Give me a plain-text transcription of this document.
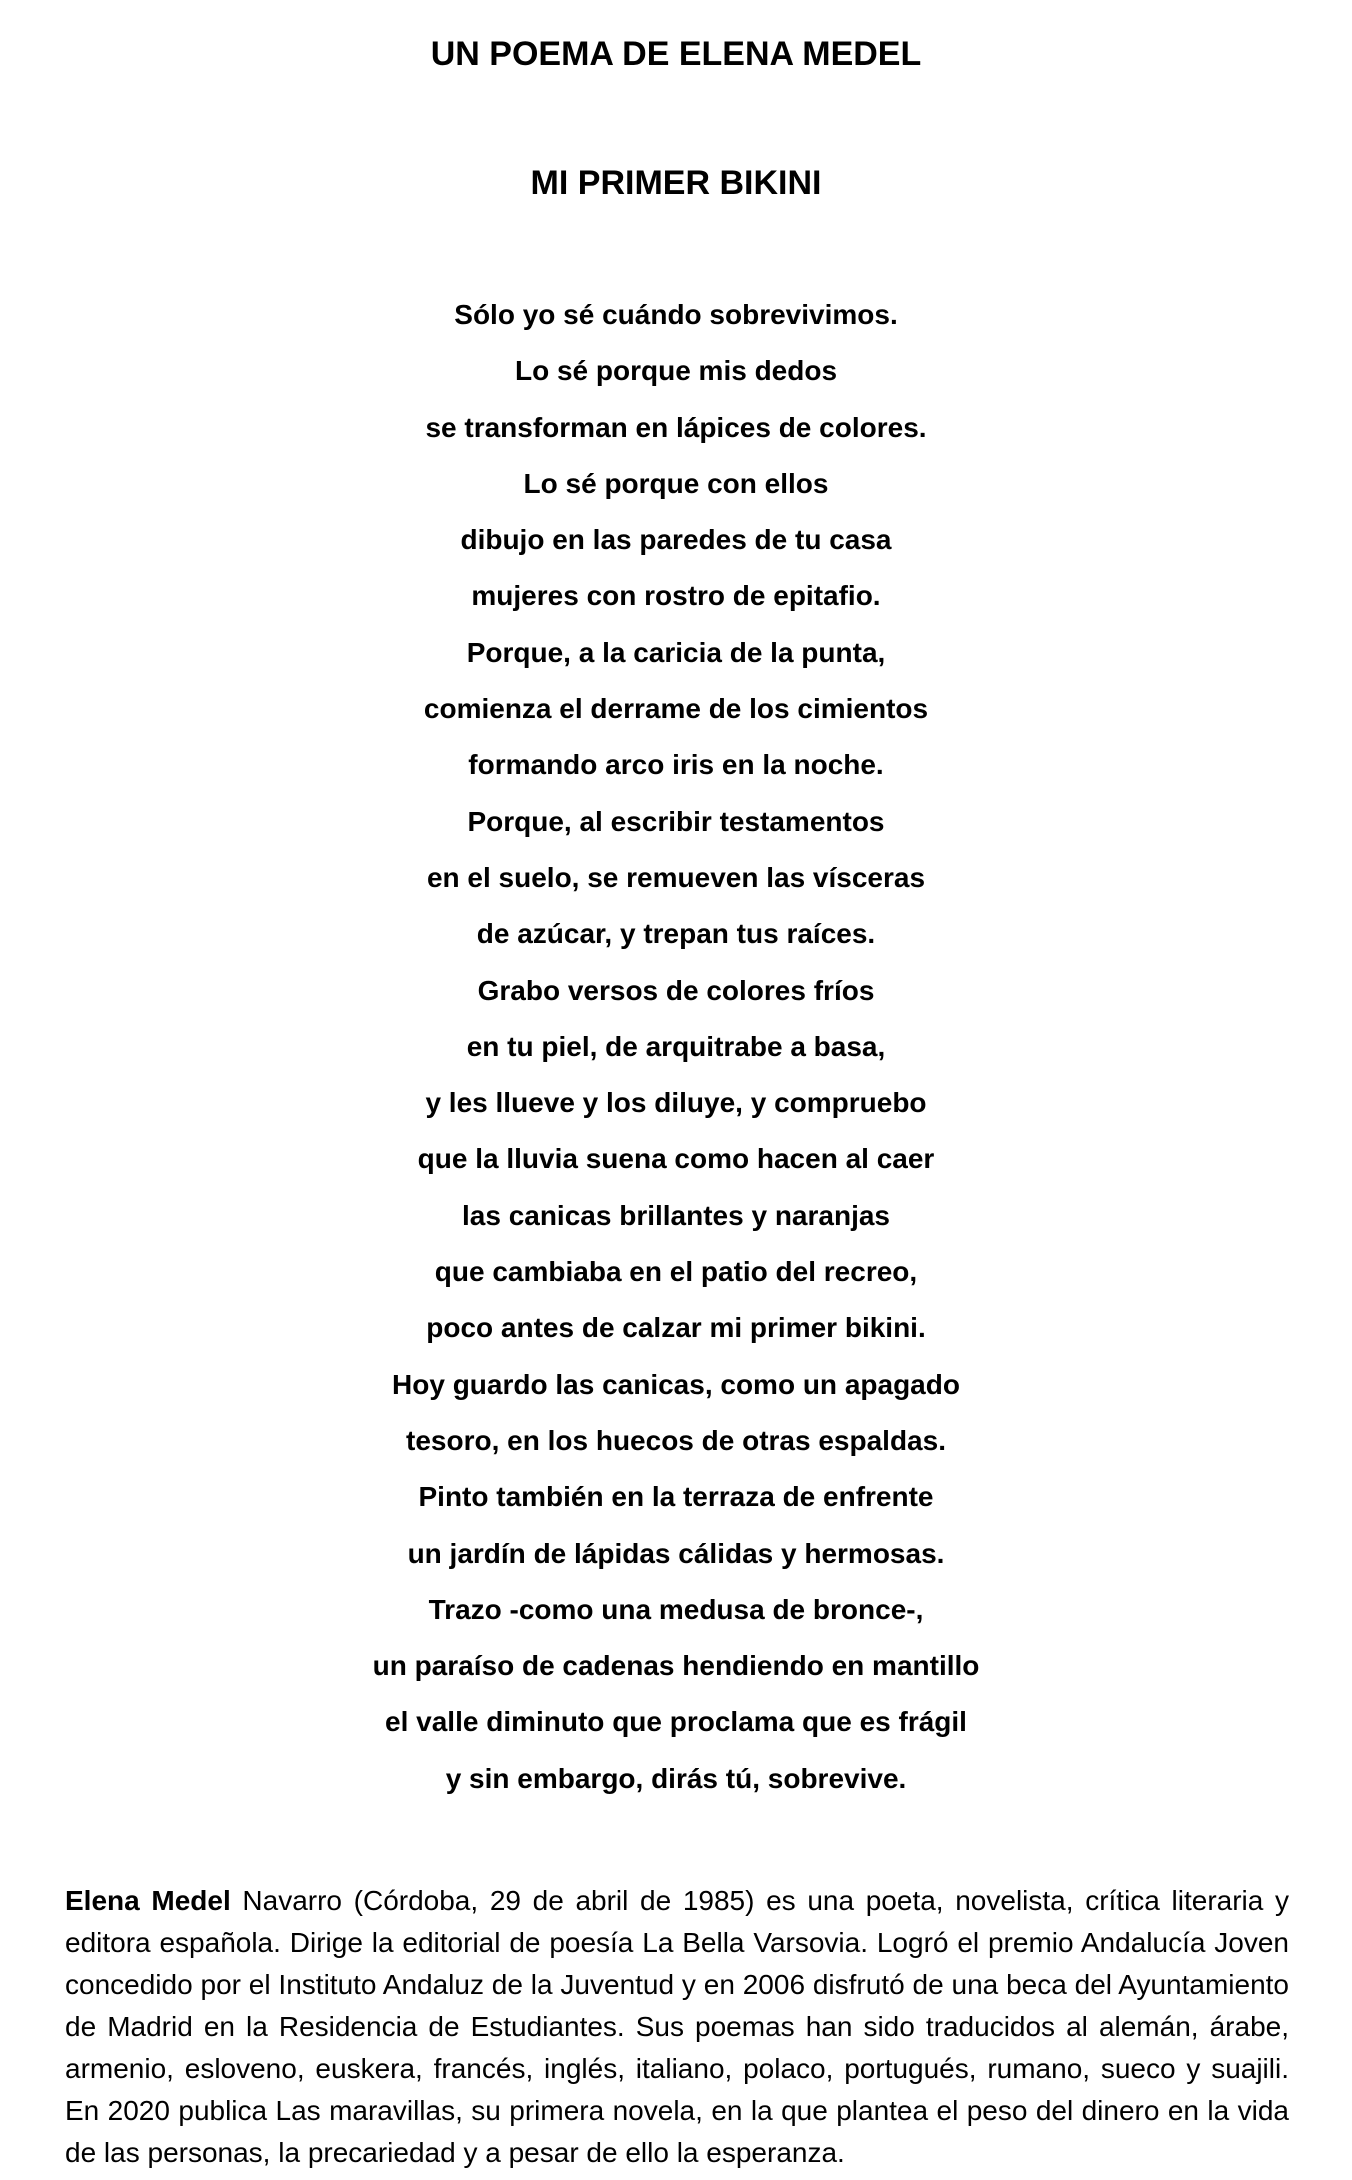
UN POEMA DE ELENA MEDEL
MI PRIMER BIKINI
Sólo yo sé cuándo sobrevivimos.
Lo sé porque mis dedos
se transforman en lápices de colores.
Lo sé porque con ellos
dibujo en las paredes de tu casa
mujeres con rostro de epitafio.
Porque, a la caricia de la punta,
comienza el derrame de los cimientos
formando arco iris en la noche.
Porque, al escribir testamentos
en el suelo, se remueven las vísceras
de azúcar, y trepan tus raíces.
Grabo versos de colores fríos
en tu piel, de arquitrabe a basa,
y les llueve y los diluye, y compruebo
que la lluvia suena como hacen al caer
las canicas brillantes y naranjas
que cambiaba en el patio del recreo,
poco antes de calzar mi primer bikini.
Hoy guardo las canicas, como un apagado
tesoro, en los huecos de otras espaldas.
Pinto también en la terraza de enfrente
un jardín de lápidas cálidas y hermosas.
Trazo -como una medusa de bronce-,
un paraíso de cadenas hendiendo en mantillo
el valle diminuto que proclama que es frágil
y sin embargo, dirás tú, sobrevive.

Elena Medel Navarro (Córdoba, 29 de abril de 1985) es una poeta, novelista, crítica literaria y editora española. Dirige la editorial de poesía La Bella Varsovia. Logró el premio Andalucía Joven concedido por el Instituto Andaluz de la Juventud y en 2006 disfrutó de una beca del Ayuntamiento de Madrid en la Residencia de Estudiantes. Sus poemas han sido traducidos al alemán, árabe, armenio, esloveno, euskera, francés, inglés, italiano, polaco, portugués, rumano, sueco y suajili. En 2020 publica Las maravillas, su primera novela, en la que plantea el peso del dinero en la vida de las personas, la precariedad y a pesar de ello la esperanza.
